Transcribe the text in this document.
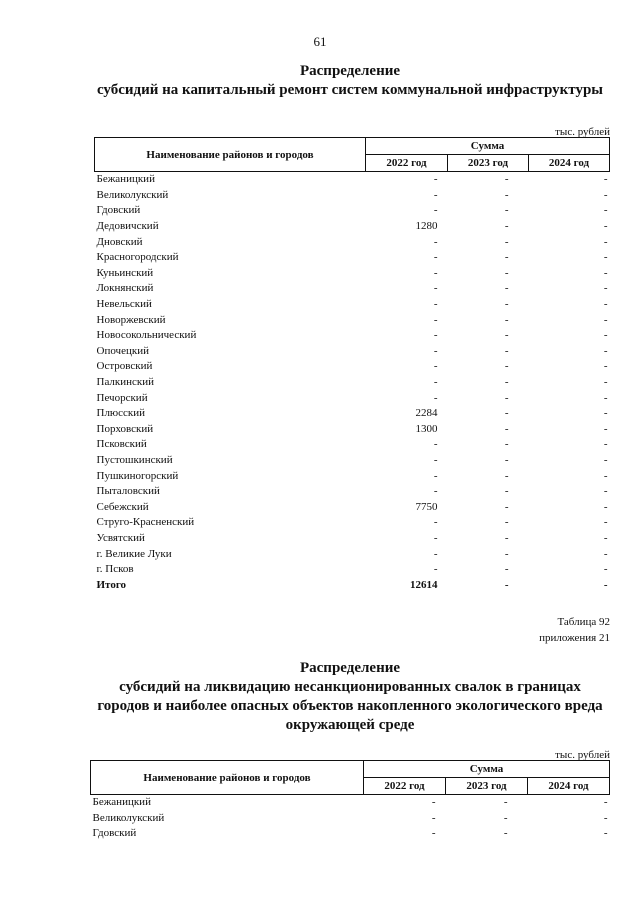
61
Распределение
субсидий на капитальный ремонт систем коммунальной инфраструктуры
тыс. рублей
Наименование районов и городов	Сумма		
	2022 год	2023 год	2024 год
Бежаницкий	-	-	-
Великолукский	-	-	-
Гдовский	-	-	-
Дедовичский	1280	-	-
Дновский	-	-	-
Красногородский	-	-	-
Куньинский	-	-	-
Локнянский	-	-	-
Невельский	-	-	-
Новоржевский	-	-	-
Новосокольнический	-	-	-
Опочецкий	-	-	-
Островский	-	-	-
Палкинский	-	-	-
Печорский	-	-	-
Плюсский	2284	-	-
Порховский	1300	-	-
Псковский	-	-	-
Пустошкинский	-	-	-
Пушкиногорский	-	-	-
Пыталовский	-	-	-
Себежский	7750	-	-
Струго-Красненский	-	-	-
Усвятский	-	-	-
г. Великие Луки	-	-	-
г. Псков	-	-	-
Итого	12614	-	-
Таблица 92
приложения 21
Распределение
субсидий на ликвидацию несанкционированных свалок в границах
городов и наиболее опасных объектов накопленного экологического вреда
окружающей среде
тыс. рублей
Наименование районов и городов	Сумма		
	2022 год	2023 год	2024 год
Бежаницкий	-	-	-
Великолукский	-	-	-
Гдовский	-	-	-
